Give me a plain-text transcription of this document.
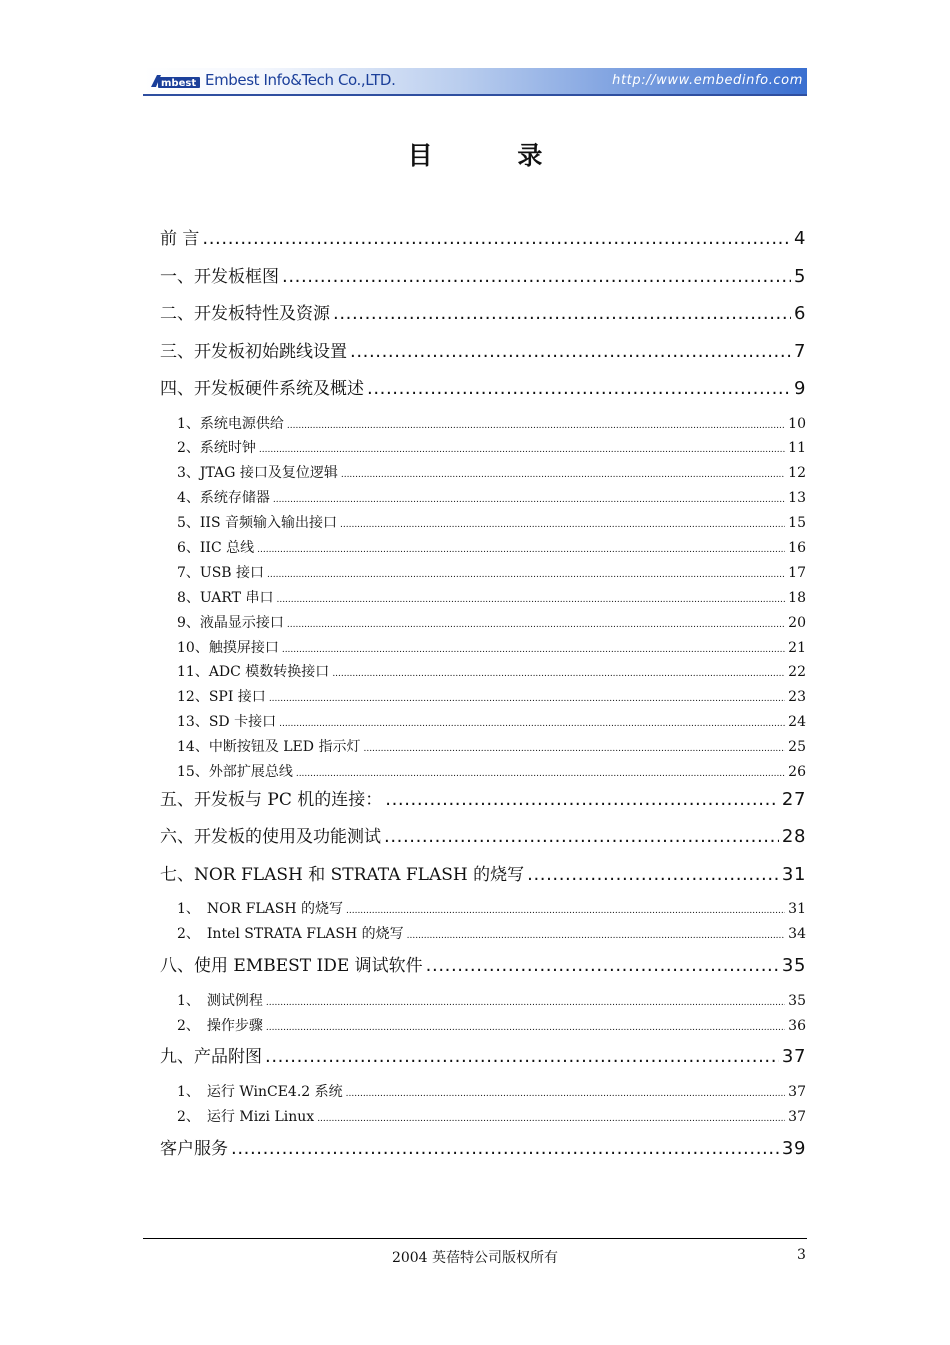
mbest Embest Info&Tech Co.,LTD.	http://www.embedinfo.com
目 录
前 言 .....	4
一、开发板框图 .....	5
二、开发板特性及资源 .....	6
三、开发板初始跳线设置 .....	7
四、开发板硬件系统及概述 .....	9
1、系统电源供给 .....	10
2、系统时钟 .....	11
3、JTAG 接口及复位逻辑 .....	12
4、系统存储器 .....	13
5、IIS 音频输入输出接口 .....	15
6、IIC 总线 .....	16
7、USB 接口 .....	17
8、UART 串口 .....	18
9、液晶显示接口 .....	20
10、触摸屏接口 .....	21
11、ADC 模数转换接口 .....	22
12、SPI 接口 .....	23
13、SD 卡接口 .....	24
14、中断按钮及 LED 指示灯 .....	25
15、外部扩展总线 .....	26
五、开发板与 PC 机的连接： .....	27
六、开发板的使用及功能测试 .....	28
七、NOR FLASH 和 STRATA FLASH 的烧写 .....	31
1、　NOR FLASH 的烧写 .....	31
2、　Intel STRATA FLASH 的烧写 .....	34
八、使用 EMBEST IDE 调试软件 .....	35
1、　测试例程 .....	35
2、　操作步骤 .....	36
九、产品附图 .....	37
1、　运行 WinCE4.2 系统 .....	37
2、　运行 Mizi Linux .....	37
客户服务 .....	39
2004 英蓓特公司版权所有	3
